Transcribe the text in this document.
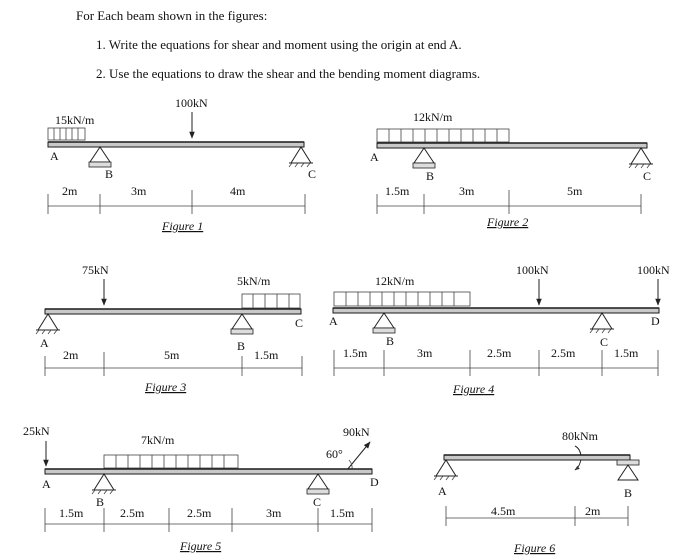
For Each beam shown in the figures:
1. Write the equations for shear and moment using the origin at end A.
2. Use the equations to draw the shear and the bending moment diagrams.
15kN/m
100kN
A
B	C
2m	3m	4m
Figure 1
12kN/m
A
B	C
1.5m	3m	5m
Figure 2
75kN
5kN/m
A	B
C
2m	5m	1.5m
Figure 3
12kN/m
100kN	100kN
A
B	C
D
1.5m	3m	2.5m	2.5m	1.5m
Figure 4
25kN
7kN/m
90kN
60°
A
B	C
D
1.5m	2.5m	2.5m	3m	1.5m
Figure 5
80kNm
A	B
4.5m	2m
Figure 6
